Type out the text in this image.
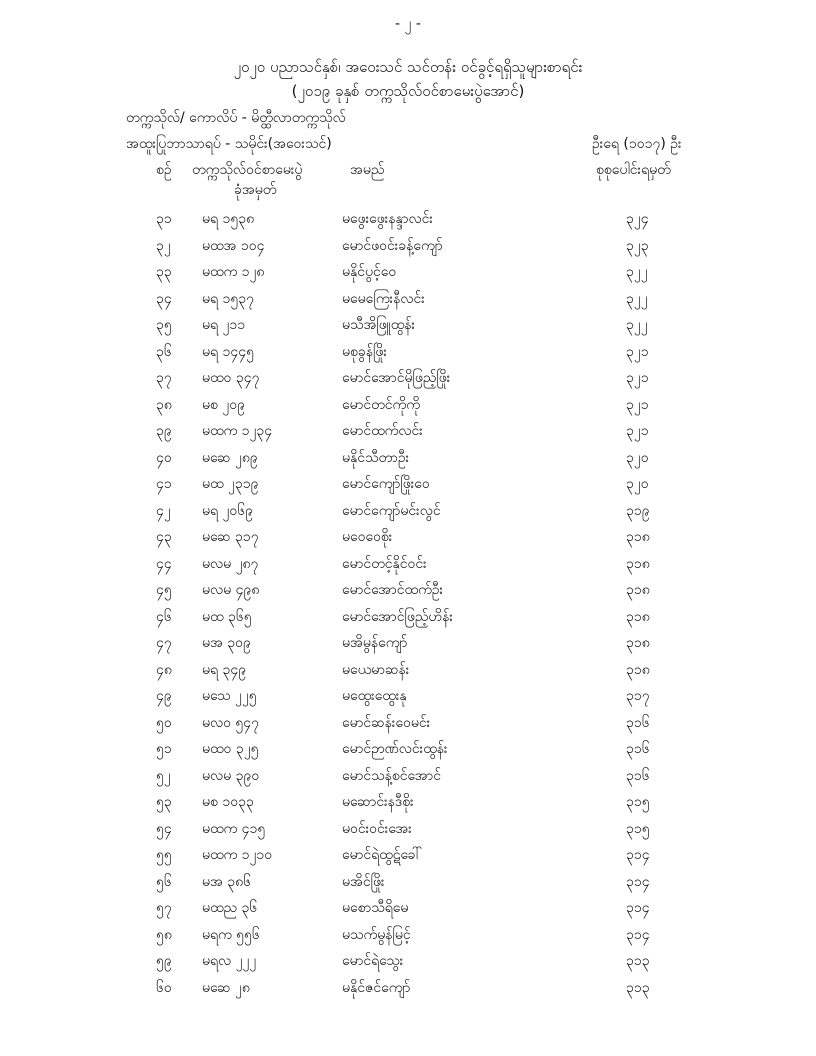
- ၂ -
၂၀၂၀ ပညာသင်နှစ်၊ အဝေးသင် သင်တန်း ဝင်ခွင့်ရရှိသူများစာရင်း
(၂၀၁၉ ခုနှစ် တက္ကသိုလ်ဝင်စာမေးပွဲအောင်)
တက္ကသိုလ်/ ကောလိပ် - မိတ္ထီလာတက္ကသိုလ်
အထူးပြုဘာသာရပ် - သမိုင်း(အဝေးသင်)	ဦးရေ (၁၀၁၇) ဦး
စဉ် တက္ကသိုလ်ဝင်စာမေးပွဲ
ခုံအမှတ်
အမည်	စုစုပေါင်းရမှတ်
၃၁ မရ ၁၅၃၈	မဖွေးဖွေးနန္ဒာလင်း	၃၂၄
၃၂ မထအ ၁၀၄	မောင်ဖဝင်းခန့်ကျော်	၃၂၃
၃၃ မထက ၁၂၈	မနိုင်ပွင့်ဝေ	၃၂၂
၃၄ မရ ၁၅၃၇	မမေကြေးနီလင်း	၃၂၂
၃၅ မရ ၂၁၁	မသီအိဖြူထွန်း	၃၂၂
၃၆ မရ ၁၄၄၅	မစုခွန်ဖြိုး	၃၂၁
၃၇ မထဝ ၃၄၇	မောင်အောင်မိုဖြည့်ဖြိုး	၃၂၁
၃၈ မစ ၂၀၉	မောင်တင်ကိုကို	၃၂၁
၃၉ မထက ၁၂၃၄	မောင်ထက်လင်း	၃၂၁
၄၀ မဆေ ၂၈၉	မနိုင်သီတာဦး	၃၂၀
၄၁ မထ ၂၃၁၉	မောင်ကျော်ဖြိုးဝေ	၃၂၀
၄၂ မရ ၂၀၆၉	မောင်ကျော်မင်းလွင်	၃၁၉
၄၃ မဆေ ၃၁၇	မဝေဝေစိုး	၃၁၈
၄၄ မလမ ၂၈၇	မောင်တင့်နိုင်ဝင်း	၃၁၈
၄၅ မလမ ၄၉၈	မောင်အောင်ထက်ဦး	၃၁၈
၄၆ မထ ၃၆၅	မောင်အောင်ဖြည့်ဟိန်း	၃၁၈
၄၇ မအ ၃၀၉	မအိမွန်ကျော်	၃၁၈
၄၈ မရ ၃၄၉	မယေမာဆန်း	၃၁၈
၄၉ မသေ ၂၂၅	မထွေးထွေးနု	၃၁၇
၅၀ မလဝ ၅၄၇	မောင်ဆန်းဝေမင်း	၃၁၆
၅၁ မထဝ ၃၂၅	မောင်ဉာဏ်လင်းထွန်း	၃၁၆
၅၂ မလမ ၃၉၀	မောင်သန့်စင်အောင်	၃၁၆
၅၃ မစ ၁၀၃၃	မဆောင်းနဒီစိုး	၃၁၅
၅၄ မထက ၄၁၅	မဝင်းဝင်းအေး	၃၁၅
၅၅ မထက ၁၂၁၀	မောင်ရဲထွဋ်ခေါ်	၃၁၄
၅၆ မအ ၃၈၆	မအိင်ဖြိုး	၃၁၄
၅၇ မထည ၃၆	မစောသီရိမေ	၃၁၄
၅၈ မရက ၅၅၆	မသက်မွန်မြင့်	၃၁၄
၅၉ မရလ ၂၂၂	မောင်ရဲသွေး	၃၁၃
၆၀ မဆေ ၂၈	မနိုင်ဇင်ကျော်	၃၁၃
